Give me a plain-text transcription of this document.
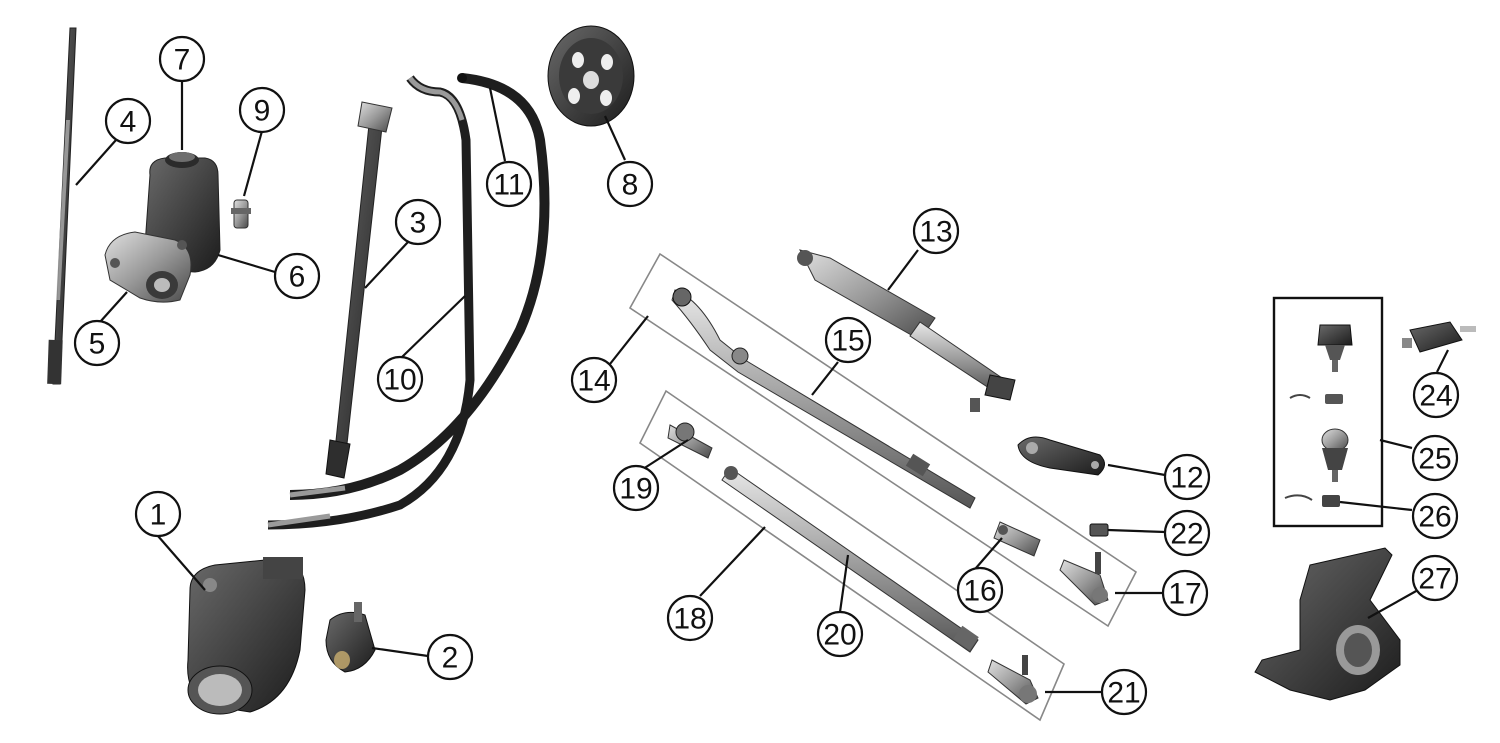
1
2
3
4
5
6
7
8
9
10
11
12
13
14
15
16	17
18
19
20
21
22
24
25
26
27
